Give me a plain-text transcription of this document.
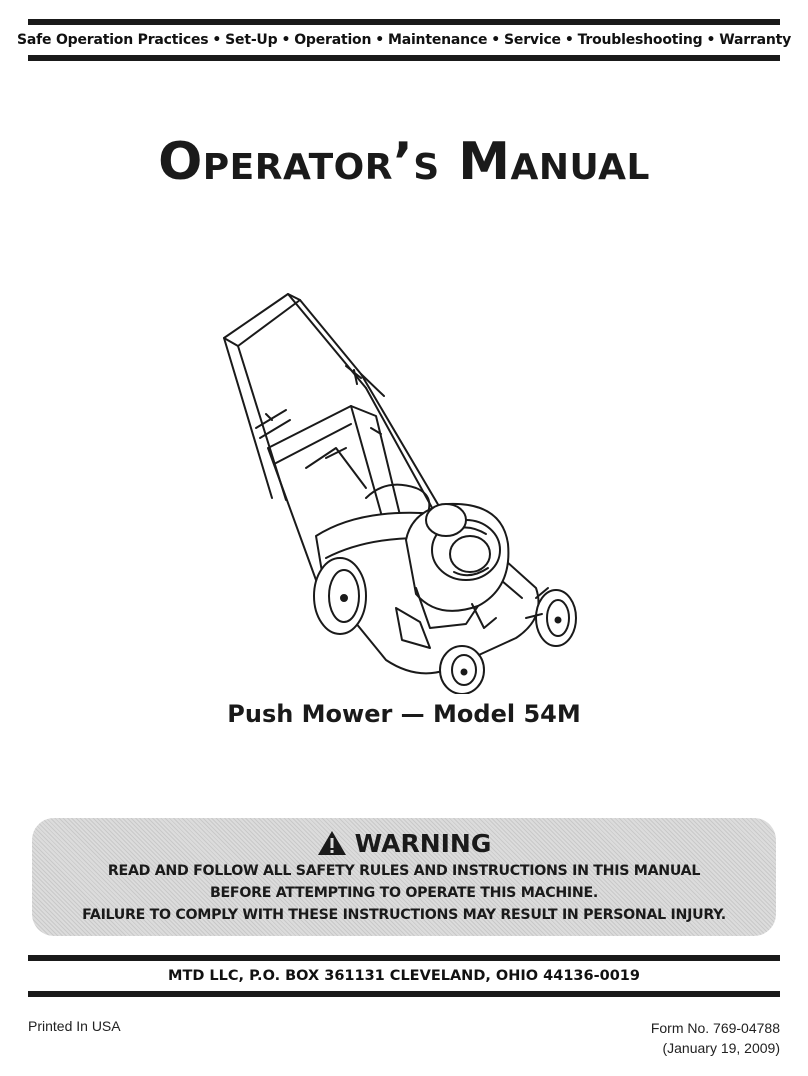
Safe Operation Practices • Set-Up • Operation • Maintenance • Service • Troubleshooting • Warranty
Operator’s Manual
Push Mower — Model 54M
WARNING
READ AND FOLLOW ALL SAFETY RULES AND INSTRUCTIONS IN THIS MANUAL
BEFORE ATTEMPTING TO OPERATE THIS MACHINE.
FAILURE TO COMPLY WITH THESE INSTRUCTIONS MAY RESULT IN PERSONAL INJURY.
MTD LLC, P.O. BOX 361131 CLEVELAND, OHIO 44136-0019
Printed In USA	Form No. 769-04788
(January 19, 2009)
